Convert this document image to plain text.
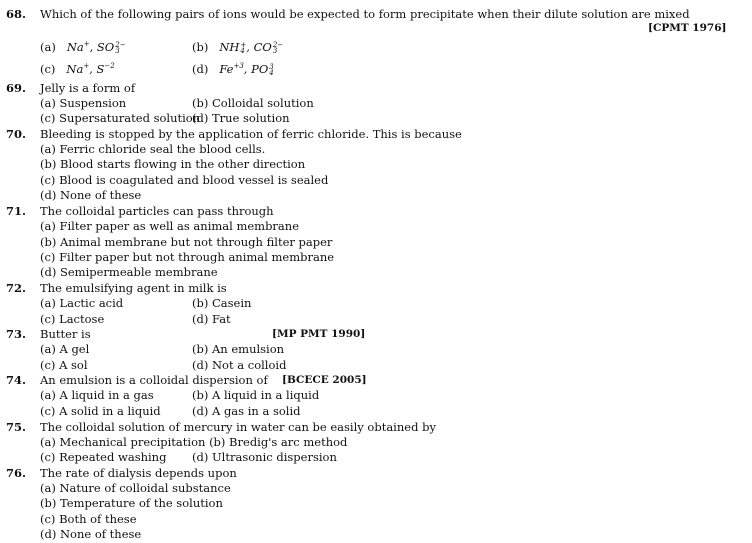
68. Which of the following pairs of ions would be expected to form precipitate when their dilute solution are mixed
[CPMT 1976]
(a) Na+, SO 2−
3	(b) NH +
4 , CO 2−
3
(c) Na+, $S^{-2}$	(d) $Fe^{+3}$, PO 3
4
69. Jelly is a form of
(a) Suspension	(b) Colloidal solution
(c) Supersaturated solution
(d) True solution
70. Bleeding is stopped by the application of ferric chloride. This is because
(a) Ferric chloride seal the blood cells.
(b) Blood starts flowing in the other direction
(c) Blood is coagulated and blood vessel is sealed
(d) None of these
71. The colloidal particles can pass through
(a) Filter paper as well as animal membrane
(b) Animal membrane but not through filter paper
(c) Filter paper but not through animal membrane
(d) Semipermeable membrane
72. The emulsifying agent in milk is
(a) Lactic acid	(b) Casein
(c) Lactose	(d) Fat
73. Butter is	[MP PMT 1990]
(a) A gel	(b) An emulsion
(c) A sol	(d) Not a colloid
74. An emulsion is a colloidal dispersion of [BCECE 2005]
(a) A liquid in a gas	(b) A liquid in a liquid
(c) A solid in a liquid	(d) A gas in a solid
75. The colloidal solution of mercury in water can be easily obtained by
(a) Mechanical precipitation (b) Bredig's arc method
(c) Repeated washing (d) Ultrasonic dispersion
76. The rate of dialysis depends upon
(a) Nature of colloidal substance
(b) Temperature of the solution
(c) Both of these
(d) None of these
